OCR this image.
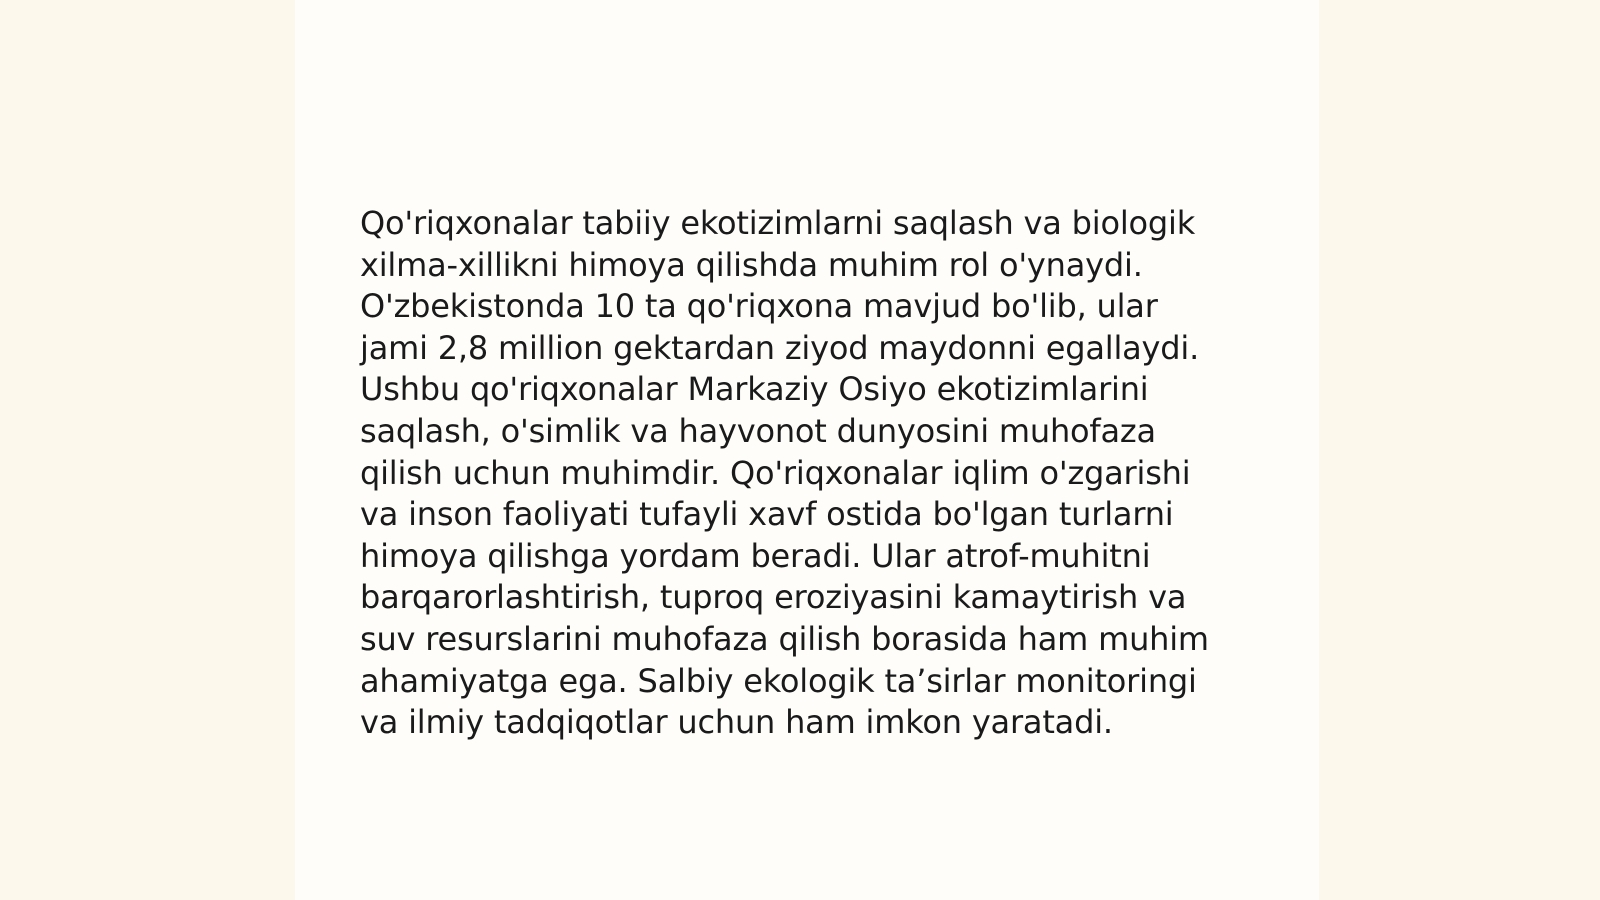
Qo'riqxonalar tabiiy ekotizimlarni saqlash va biologik
xilma-xillikni himoya qilishda muhim rol o'ynaydi.
O'zbekistonda 10 ta qo'riqxona mavjud bo'lib, ular
jami 2,8 million gektardan ziyod maydonni egallaydi.
Ushbu qo'riqxonalar Markaziy Osiyo ekotizimlarini
saqlash, o'simlik va hayvonot dunyosini muhofaza
qilish uchun muhimdir. Qo'riqxonalar iqlim o'zgarishi
va inson faoliyati tufayli xavf ostida bo'lgan turlarni
himoya qilishga yordam beradi. Ular atrof-muhitni
barqarorlashtirish, tuproq eroziyasini kamaytirish va
suv resurslarini muhofaza qilish borasida ham muhim
ahamiyatga ega. Salbiy ekologik ta’sirlar monitoringi
va ilmiy tadqiqotlar uchun ham imkon yaratadi.
